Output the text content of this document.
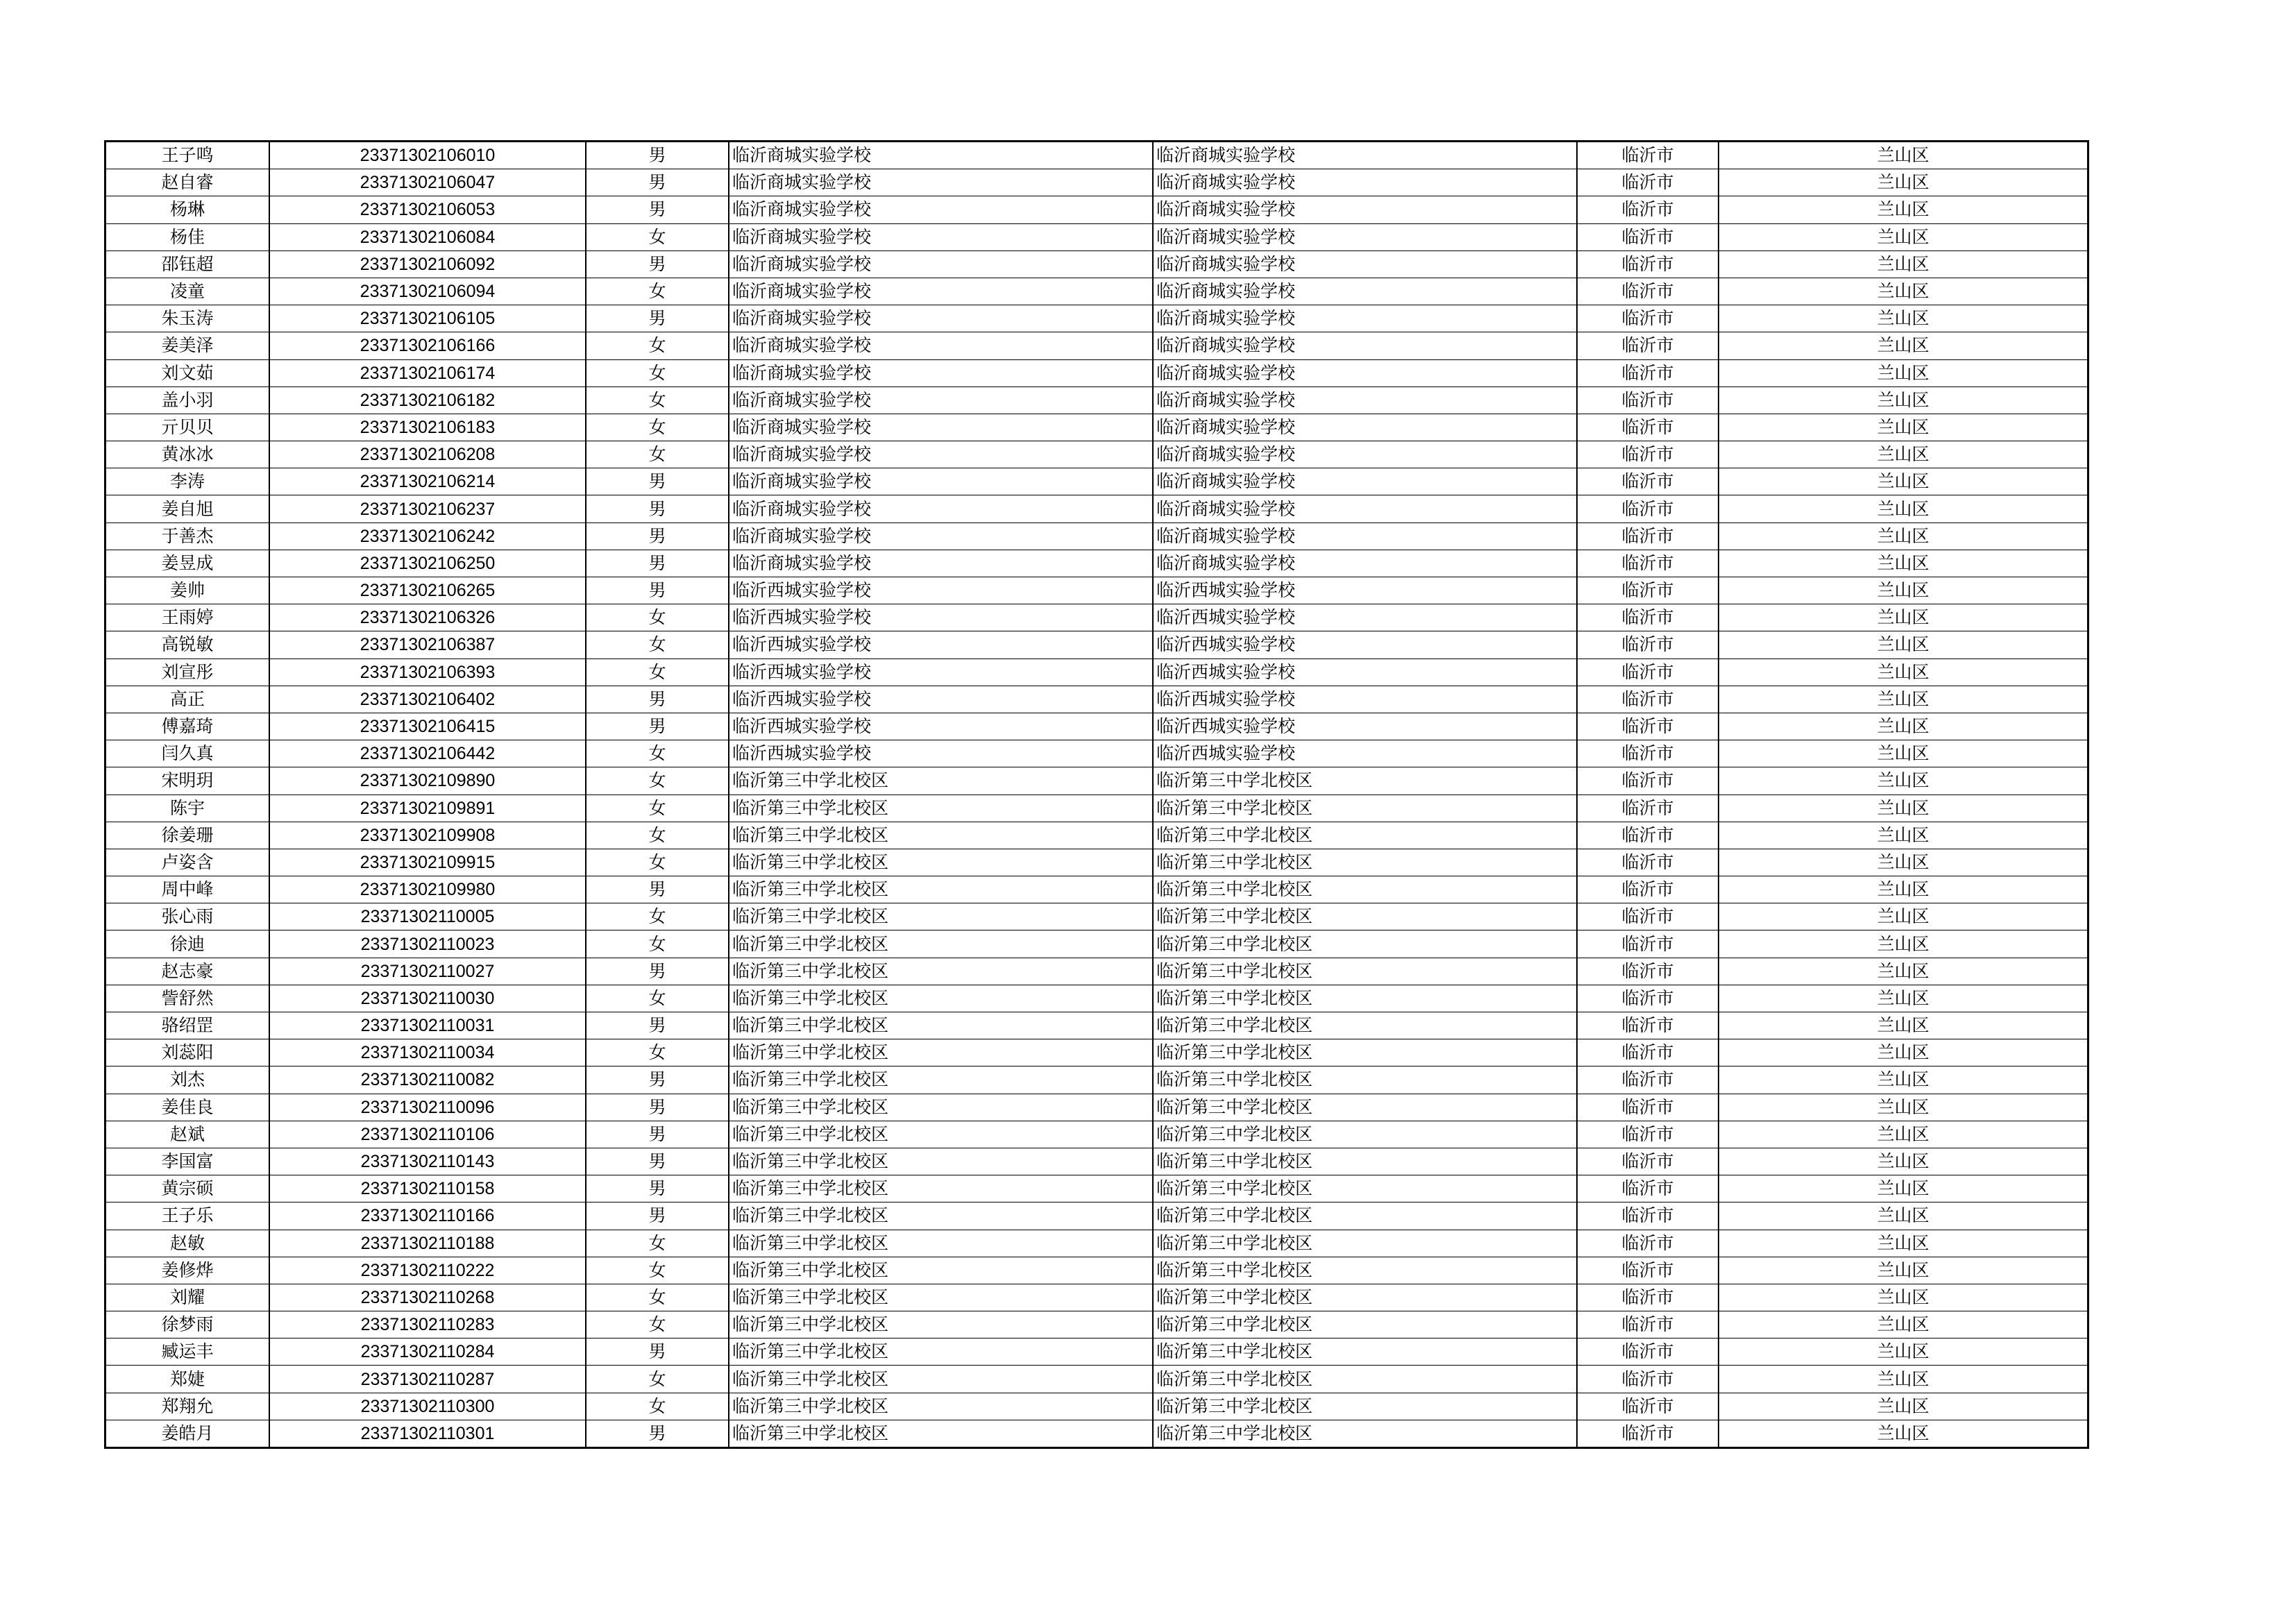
王子鸣	23371302106010	男	临沂商城实验学校	临沂商城实验学校	临沂市	兰山区
赵自睿	23371302106047	男	临沂商城实验学校	临沂商城实验学校	临沂市	兰山区
杨琳	23371302106053	男	临沂商城实验学校	临沂商城实验学校	临沂市	兰山区
杨佳	23371302106084	女	临沂商城实验学校	临沂商城实验学校	临沂市	兰山区
邵钰超	23371302106092	男	临沂商城实验学校	临沂商城实验学校	临沂市	兰山区
凌童	23371302106094	女	临沂商城实验学校	临沂商城实验学校	临沂市	兰山区
朱玉涛	23371302106105	男	临沂商城实验学校	临沂商城实验学校	临沂市	兰山区
姜美泽	23371302106166	女	临沂商城实验学校	临沂商城实验学校	临沂市	兰山区
刘文茹	23371302106174	女	临沂商城实验学校	临沂商城实验学校	临沂市	兰山区
盖小羽	23371302106182	女	临沂商城实验学校	临沂商城实验学校	临沂市	兰山区
亓贝贝	23371302106183	女	临沂商城实验学校	临沂商城实验学校	临沂市	兰山区
黄冰冰	23371302106208	女	临沂商城实验学校	临沂商城实验学校	临沂市	兰山区
李涛	23371302106214	男	临沂商城实验学校	临沂商城实验学校	临沂市	兰山区
姜自旭	23371302106237	男	临沂商城实验学校	临沂商城实验学校	临沂市	兰山区
于善杰	23371302106242	男	临沂商城实验学校	临沂商城实验学校	临沂市	兰山区
姜昱成	23371302106250	男	临沂商城实验学校	临沂商城实验学校	临沂市	兰山区
姜帅	23371302106265	男	临沂西城实验学校	临沂西城实验学校	临沂市	兰山区
王雨婷	23371302106326	女	临沂西城实验学校	临沂西城实验学校	临沂市	兰山区
高锐敏	23371302106387	女	临沂西城实验学校	临沂西城实验学校	临沂市	兰山区
刘宣彤	23371302106393	女	临沂西城实验学校	临沂西城实验学校	临沂市	兰山区
高正	23371302106402	男	临沂西城实验学校	临沂西城实验学校	临沂市	兰山区
傅嘉琦	23371302106415	男	临沂西城实验学校	临沂西城实验学校	临沂市	兰山区
闫久真	23371302106442	女	临沂西城实验学校	临沂西城实验学校	临沂市	兰山区
宋明玥	23371302109890	女	临沂第三中学北校区	临沂第三中学北校区	临沂市	兰山区
陈宇	23371302109891	女	临沂第三中学北校区	临沂第三中学北校区	临沂市	兰山区
徐姜珊	23371302109908	女	临沂第三中学北校区	临沂第三中学北校区	临沂市	兰山区
卢姿含	23371302109915	女	临沂第三中学北校区	临沂第三中学北校区	临沂市	兰山区
周中峰	23371302109980	男	临沂第三中学北校区	临沂第三中学北校区	临沂市	兰山区
张心雨	23371302110005	女	临沂第三中学北校区	临沂第三中学北校区	临沂市	兰山区
徐迪	23371302110023	女	临沂第三中学北校区	临沂第三中学北校区	临沂市	兰山区
赵志豪	23371302110027	男	临沂第三中学北校区	临沂第三中学北校区	临沂市	兰山区
訾舒然	23371302110030	女	临沂第三中学北校区	临沂第三中学北校区	临沂市	兰山区
骆绍罡	23371302110031	男	临沂第三中学北校区	临沂第三中学北校区	临沂市	兰山区
刘蕊阳	23371302110034	女	临沂第三中学北校区	临沂第三中学北校区	临沂市	兰山区
刘杰	23371302110082	男	临沂第三中学北校区	临沂第三中学北校区	临沂市	兰山区
姜佳良	23371302110096	男	临沂第三中学北校区	临沂第三中学北校区	临沂市	兰山区
赵斌	23371302110106	男	临沂第三中学北校区	临沂第三中学北校区	临沂市	兰山区
李国富	23371302110143	男	临沂第三中学北校区	临沂第三中学北校区	临沂市	兰山区
黄宗硕	23371302110158	男	临沂第三中学北校区	临沂第三中学北校区	临沂市	兰山区
王子乐	23371302110166	男	临沂第三中学北校区	临沂第三中学北校区	临沂市	兰山区
赵敏	23371302110188	女	临沂第三中学北校区	临沂第三中学北校区	临沂市	兰山区
姜修烨	23371302110222	女	临沂第三中学北校区	临沂第三中学北校区	临沂市	兰山区
刘耀	23371302110268	女	临沂第三中学北校区	临沂第三中学北校区	临沂市	兰山区
徐梦雨	23371302110283	女	临沂第三中学北校区	临沂第三中学北校区	临沂市	兰山区
臧运丰	23371302110284	男	临沂第三中学北校区	临沂第三中学北校区	临沂市	兰山区
郑婕	23371302110287	女	临沂第三中学北校区	临沂第三中学北校区	临沂市	兰山区
郑翔允	23371302110300	女	临沂第三中学北校区	临沂第三中学北校区	临沂市	兰山区
姜皓月	23371302110301	男	临沂第三中学北校区	临沂第三中学北校区	临沂市	兰山区
